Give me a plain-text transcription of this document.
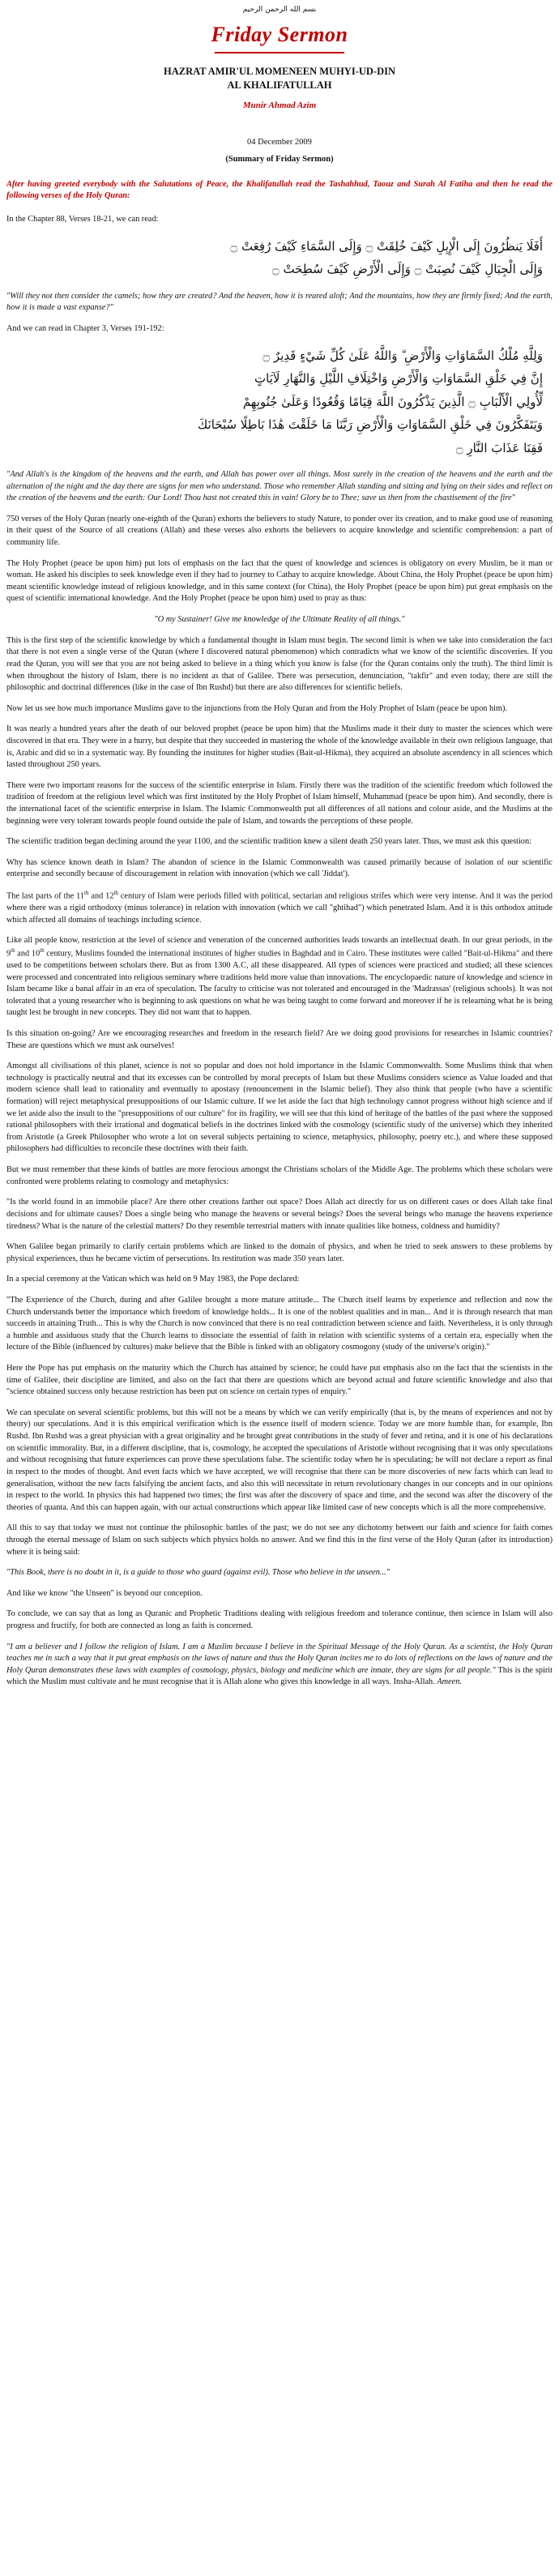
بسم الله الرحمن الرحيم
Friday Sermon
HAZRAT AMIR'UL MOMENEEN MUHYI-UD-DIN
AL KHALIFATULLAH
Munir Ahmad Azim
04 December 2009
(Summary of Friday Sermon)

After having greeted everybody with the Salutations of Peace, the Khalifatullah read the Tashahhud, Taouz and Surah Al Fatiha and then he read the following verses of the Holy Quran:

In the Chapter 88, Verses 18-21, we can read:

أَفَلَا يَنظُرُونَ إِلَى الْإِبِلِ كَيْفَ خُلِقَتْ ۝ وَإِلَى السَّمَاءِ كَيْفَ رُفِعَتْ ۝
وَإِلَى الْجِبَالِ كَيْفَ نُصِبَتْ ۝ وَإِلَى الْأَرْضِ كَيْفَ سُطِحَتْ ۝

"Will they not then consider the camels; how they are created? And the heaven, how it is reared aloft; And the mountains, how they are firmly fixed; And the earth, how it is made a vast expanse?"

And we can read in Chapter 3, Verses 191-192:

وَلِلَّهِ مُلْكُ السَّمَاوَاتِ وَالْأَرْضِ ۗ وَاللَّهُ عَلَىٰ كُلِّ شَيْءٍ قَدِيرٌ ۝
إِنَّ فِي خَلْقِ السَّمَاوَاتِ وَالْأَرْضِ وَاخْتِلَافِ اللَّيْلِ وَالنَّهَارِ لَآيَاتٍ
لِّأُولِي الْأَلْبَابِ ۝ الَّذِينَ يَذْكُرُونَ اللَّهَ قِيَامًا وَقُعُودًا وَعَلَىٰ جُنُوبِهِمْ
وَيَتَفَكَّرُونَ فِي خَلْقِ السَّمَاوَاتِ وَالْأَرْضِ رَبَّنَا مَا خَلَقْتَ هَٰذَا بَاطِلًا سُبْحَانَكَ
فَقِنَا عَذَابَ النَّارِ ۝

"And Allah's is the kingdom of the heavens and the earth, and Allah has power over all things. Most surely in the creation of the heavens and the earth and the alternation of the night and the day there are signs for men who understand. Those who remember Allah standing and sitting and lying on their sides and reflect on the creation of the heavens and the earth: Our Lord! Thou hast not created this in vain! Glory be to Thee; save us then from the chastisement of the fire"

750 verses of the Holy Quran (nearly one-eighth of the Quran) exhorts the believers to study Nature, to ponder over its creation, and to make good use of reasoning in their quest of the Source of all creations (Allah) and these verses also exhorts the believers to acquire knowledge and scientific comprehension: a part of community life.

The Holy Prophet (peace be upon him) put lots of emphasis on the fact that the quest of knowledge and sciences is obligatory on every Muslim, be it man or woman. He asked his disciples to seek knowledge even if they had to journey to Cathay to acquire knowledge. About China, the Holy Prophet (peace be upon him) meant scientific knowledge instead of religious knowledge, and in this same context (for China), the Holy Prophet (peace be upon him) put great emphasis on the quest of scientific international knowledge. And the Holy Prophet (peace be upon him) used to pray as thus:

"O my Sustainer! Give me knowledge of the Ultimate Reality of all things."

This is the first step of the scientific knowledge by which a fundamental thought in Islam must begin. The second limit is when we take into consideration the fact that there is not even a single verse of the Quran (where I discovered natural phenomenon) which contradicts what we know of the scientific discoveries. If you read the Quran, you will see that you are not being asked to believe in a thing which you know is false (for the Quran contains only the truth). The third limit is when throughout the history of Islam, there is no incident as that of Galilee. There was persecution, denunciation, "takfir" and even today, there are still the philosophic and doctrinal differences (like in the case of Ibn Rushd) but there are also differences for scientific beliefs.

Now let us see how much importance Muslims gave to the injunctions from the Holy Quran and from the Holy Prophet of Islam (peace be upon him).

It was nearly a hundred years after the death of our beloved prophet (peace be upon him) that the Muslims made it their duty to master the sciences which were discovered in that era. They were in a hurry, but despite that they succeeded in mastering the whole of the knowledge available in their own religious language, that is, Arabic and did so in a systematic way. By founding the institutes for higher studies (Bait-ul-Hikma), they acquired an absolute ascendency in all sciences which lasted throughout 250 years.

There were two important reasons for the success of the scientific enterprise in Islam. Firstly there was the tradition of the scientific freedom which followed the tradition of freedom at the religious level which was first instituted by the Holy Prophet of Islam himself, Muhammad (peace be upon him). And secondly, there is the international facet of the scientific enterprise in Islam. The Islamic Commonwealth put all differences of all nations and colour aside, and the Muslims at the beginning were very tolerant towards people found outside the pale of Islam, and towards the perceptions of these people.

The scientific tradition began declining around the year 1100, and the scientific tradition knew a silent death 250 years later. Thus, we must ask this question:

Why has science known death in Islam? The abandon of science in the Islamic Commonwealth was caused primarily because of isolation of our scientific enterprise and secondly because of discouragement in relation with innovation (which we call 'Jiddat').

The last parts of the 11th and 12th century of Islam were periods filled with political, sectarian and religious strifes which were very intense. And it was the period where there was a rigid orthodoxy (minus tolerance) in relation with innovation (which we call "ghtihad") which penetrated Islam. And it is this orthodox attitude which affected all domains of teachings including science.

Like all people know, restriction at the level of science and veneration of the concerned authorities leads towards an intellectual death. In our great periods, in the 9th and 10th century, Muslims founded the international institutes of higher studies in Baghdad and in Cairo. These institutes were called "Bait-ul-Hikma" and there used to be competitions between scholars there. But as from 1300 A.C, all these disappeared. All types of sciences were practiced and studied; all these sciences were processed and concentrated into religious seminary where traditions held more value than innovations. The encyclopaedic nature of knowledge and science in Islam became like a banal affair in an era of speculation. The faculty to criticise was not tolerated and encouraged in the 'Madrassas' (religious schools). It was not tolerated that a young researcher who is beginning to ask questions on what he was being taught to come forward and moreover if he is relearning what he is being taught lest he brought in new concepts. They did not want that to happen.

Is this situation on-going? Are we encouraging researches and freedom in the research field? Are we doing good provisions for researches in Islamic countries? These are questions which we must ask ourselves!

Amongst all civilisations of this planet, science is not so popular and does not hold importance in the Islamic Commonwealth. Some Muslims think that when technology is practically neutral and that its excesses can be controlled by moral precepts of Islam but these Muslims considers science as Value loaded and that modern science shall lead to rationality and eventually to apostasy (renouncement in the Islamic belief). They also think that people (who have a scientific formation) will reject metaphysical presuppositions of our Islamic culture. If we let aside the fact that high technology cannot progress without high science and if we let aside also the insult to the "presuppositions of our culture" for its fragility, we will see that this kind of heritage of the battles of the past where the supposed rational philosophers with their irrational and dogmatical beliefs in the doctrines linked with the cosmology (scientific study of the universe) which they inherited from Aristotle (a Greek Philosopher who wrote a lot on several subjects pertaining to science, metaphysics, philosophy, poetry etc.), and where these supposed philosophers had difficulties to reconcile these doctrines with their faith.

But we must remember that these kinds of battles are more ferocious amongst the Christians scholars of the Middle Age. The problems which these scholars were confronted were problems relating to cosmology and metaphysics:

"Is the world found in an immobile place? Are there other creations farther out space? Does Allah act directly for us on different cases or does Allah take final decisions and for ultimate causes? Does a single being who manage the heavens or several beings? Does the several beings who manage the heavens experience tiredness? What is the nature of the celestial matters? Do they resemble terrestrial matters with innate qualities like hotness, coldness and humidity?

When Galilee began primarily to clarify certain problems which are linked to the domain of physics, and when he tried to seek answers to these problems by physical experiences, thus he became victim of persecutions. Its restitution was made 350 years later.

In a special ceremony at the Vatican which was held on 9 May 1983, the Pope declared:

"The Experience of the Church, during and after Galilee brought a more mature attitude... The Church itself learns by experience and reflection and now the Church understands better the importance which freedom of knowledge holds... It is one of the noblest qualities and in man... And it is through research that man succeeds in attaining Truth... This is why the Church is now convinced that there is no real contradiction between science and faith. Nevertheless, it is only through a humble and assiduous study that the Church learns to dissociate the essential of faith in relation with scientific systems of a certain era, especially when the lecture of the Bible (influenced by cultures) make believe that the Bible is linked with an obligatory cosmogony (study of the universe's origin)."

Here the Pope has put emphasis on the maturity which the Church has attained by science; he could have put emphasis also on the fact that the scientists in the time of Galilee, their discipline are limited, and also on the fact that there are questions which are beyond actual and future scientific knowledge and also that "science obtained success only because restriction has been put on science on certain types of enquiry."

We can speculate on several scientific problems, but this will not be a means by which we can verify empirically (that is, by the means of experiences and not by theory) our speculations. And it is this empirical verification which is the essence itself of modern science. Today we are more humble than, for example, Ibn Rushd. Ibn Rushd was a great physician with a great originality and he brought great contributions in the study of fever and retina, and it is one of his declarations on scientific immorality. But, in a different discipline, that is, cosmology, he accepted the speculations of Aristotle without recognising that it was only speculations and without recognising that future experiences can prove these speculations false. The scientific today when he is speculating; he will not declare a report as final in respect to the modes of thought. And even facts which we have accepted, we will recognise that there can be more discoveries of new facts which can lead to generalisation, without the new facts falsifying the ancient facts, and also this will necessitate in return revolutionary changes in our concepts and in our opinions in respect to the world. In physics this had happened two times; the first was after the discovery of space and time, and the second was after the discovery of the theories of quanta. And this can happen again, with our actual constructions which appear like limited case of new concepts which is all the more comprehensive.

All this to say that today we must not continue the philosophic battles of the past; we do not see any dichotomy between our faith and science for faith comes through the eternal message of Islam on such subjects which physics holds no answer. And we find this in the first verse of the Holy Quran (after its introduction) where it is being said:

"This Book, there is no doubt in it, is a guide to those who guard (against evil). Those who believe in the unseen..."

And like we know "the Unseen" is beyond our conception.

To conclude, we can say that as long as Quranic and Prophetic Traditions dealing with religious freedom and tolerance continue, then science in Islam will also progress and fructify, for both are connected as long as faith is concerned.

"I am a believer and I follow the religion of Islam. I am a Muslim because I believe in the Spiritual Message of the Holy Quran. As a scientist, the Holy Quran teaches me in such a way that it put great emphasis on the laws of nature and thus the Holy Quran incites me to do lots of reflections on the laws of nature and the Holy Quran demonstrates these laws with examples of cosmology, physics, biology and medicine which are innate, they are signs for all people." This is the spirit which the Muslim must cultivate and he must recognise that it is Allah alone who gives this knowledge in all ways. Insha-Allah. Ameen.
